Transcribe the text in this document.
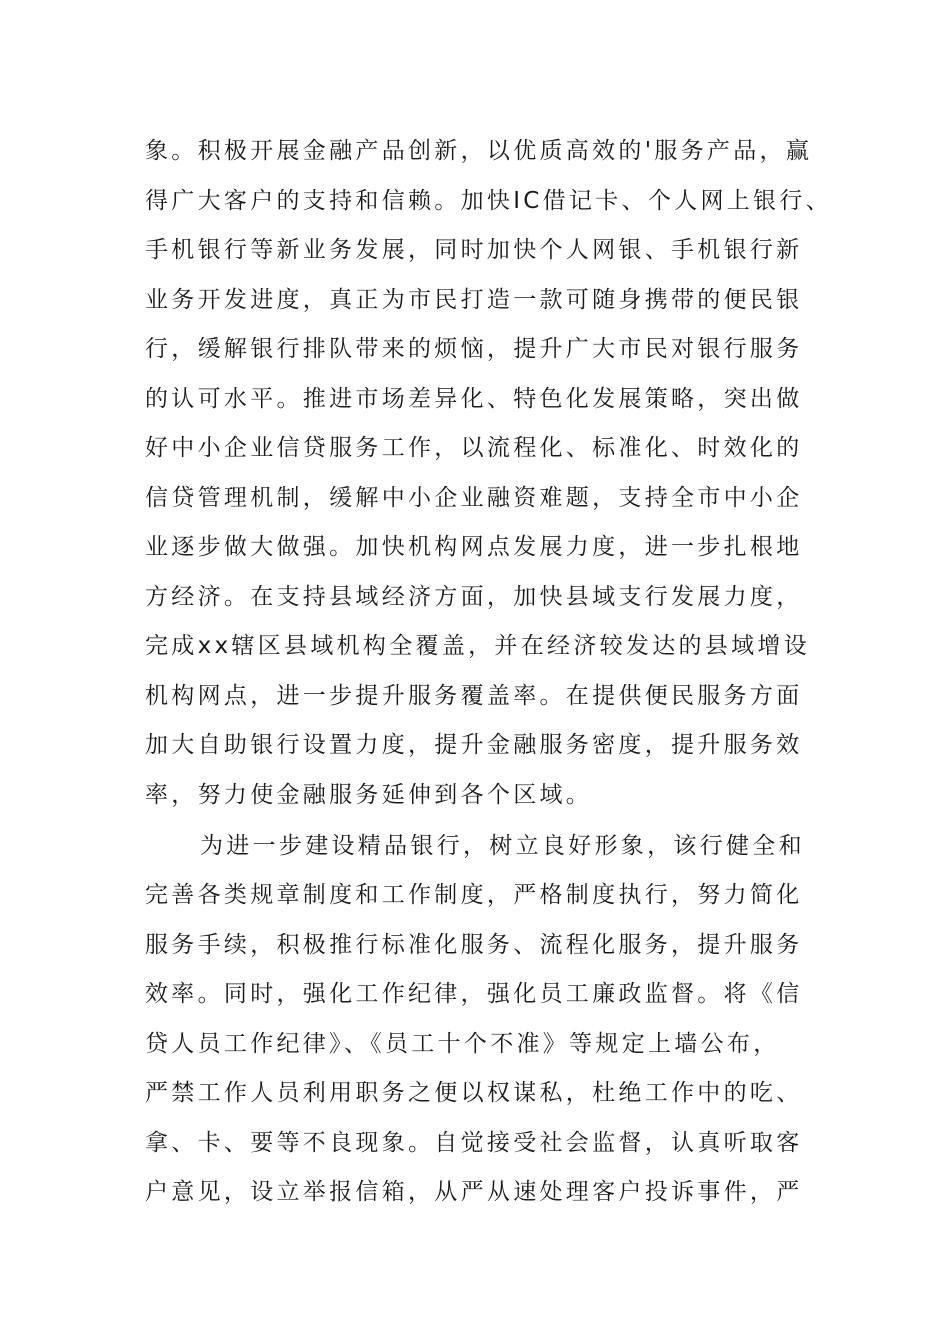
象。积极开展金融产品创新，以优质高效的'服务产品，赢
得广大客户的支持和信赖。加快IC借记卡、个人网上银行、
手机银行等新业务发展，同时加快个人网银、手机银行新
业务开发进度，真正为市民打造一款可随身携带的便民银
行，缓解银行排队带来的烦恼，提升广大市民对银行服务
的认可水平。推进市场差异化、特色化发展策略，突出做
好中小企业信贷服务工作，以流程化、标准化、时效化的
信贷管理机制，缓解中小企业融资难题，支持全市中小企
业逐步做大做强。加快机构网点发展力度，进一步扎根地
方经济。在支持县域经济方面，加快县域支行发展力度，
完成xx辖区县域机构全覆盖，并在经济较发达的县域增设
机构网点，进一步提升服务覆盖率。在提供便民服务方面
加大自助银行设置力度，提升金融服务密度，提升服务效
率，努力使金融服务延伸到各个区域。
为进一步建设精品银行，树立良好形象，该行健全和
完善各类规章制度和工作制度，严格制度执行，努力简化
服务手续，积极推行标准化服务、流程化服务，提升服务
效率。同时，强化工作纪律，强化员工廉政监督。将《信
贷人员工作纪律》、《员工十个不准》等规定上墙公布，
严禁工作人员利用职务之便以权谋私，杜绝工作中的吃、
拿、卡、要等不良现象。自觉接受社会监督，认真听取客
户意见，设立举报信箱，从严从速处理客户投诉事件，严
